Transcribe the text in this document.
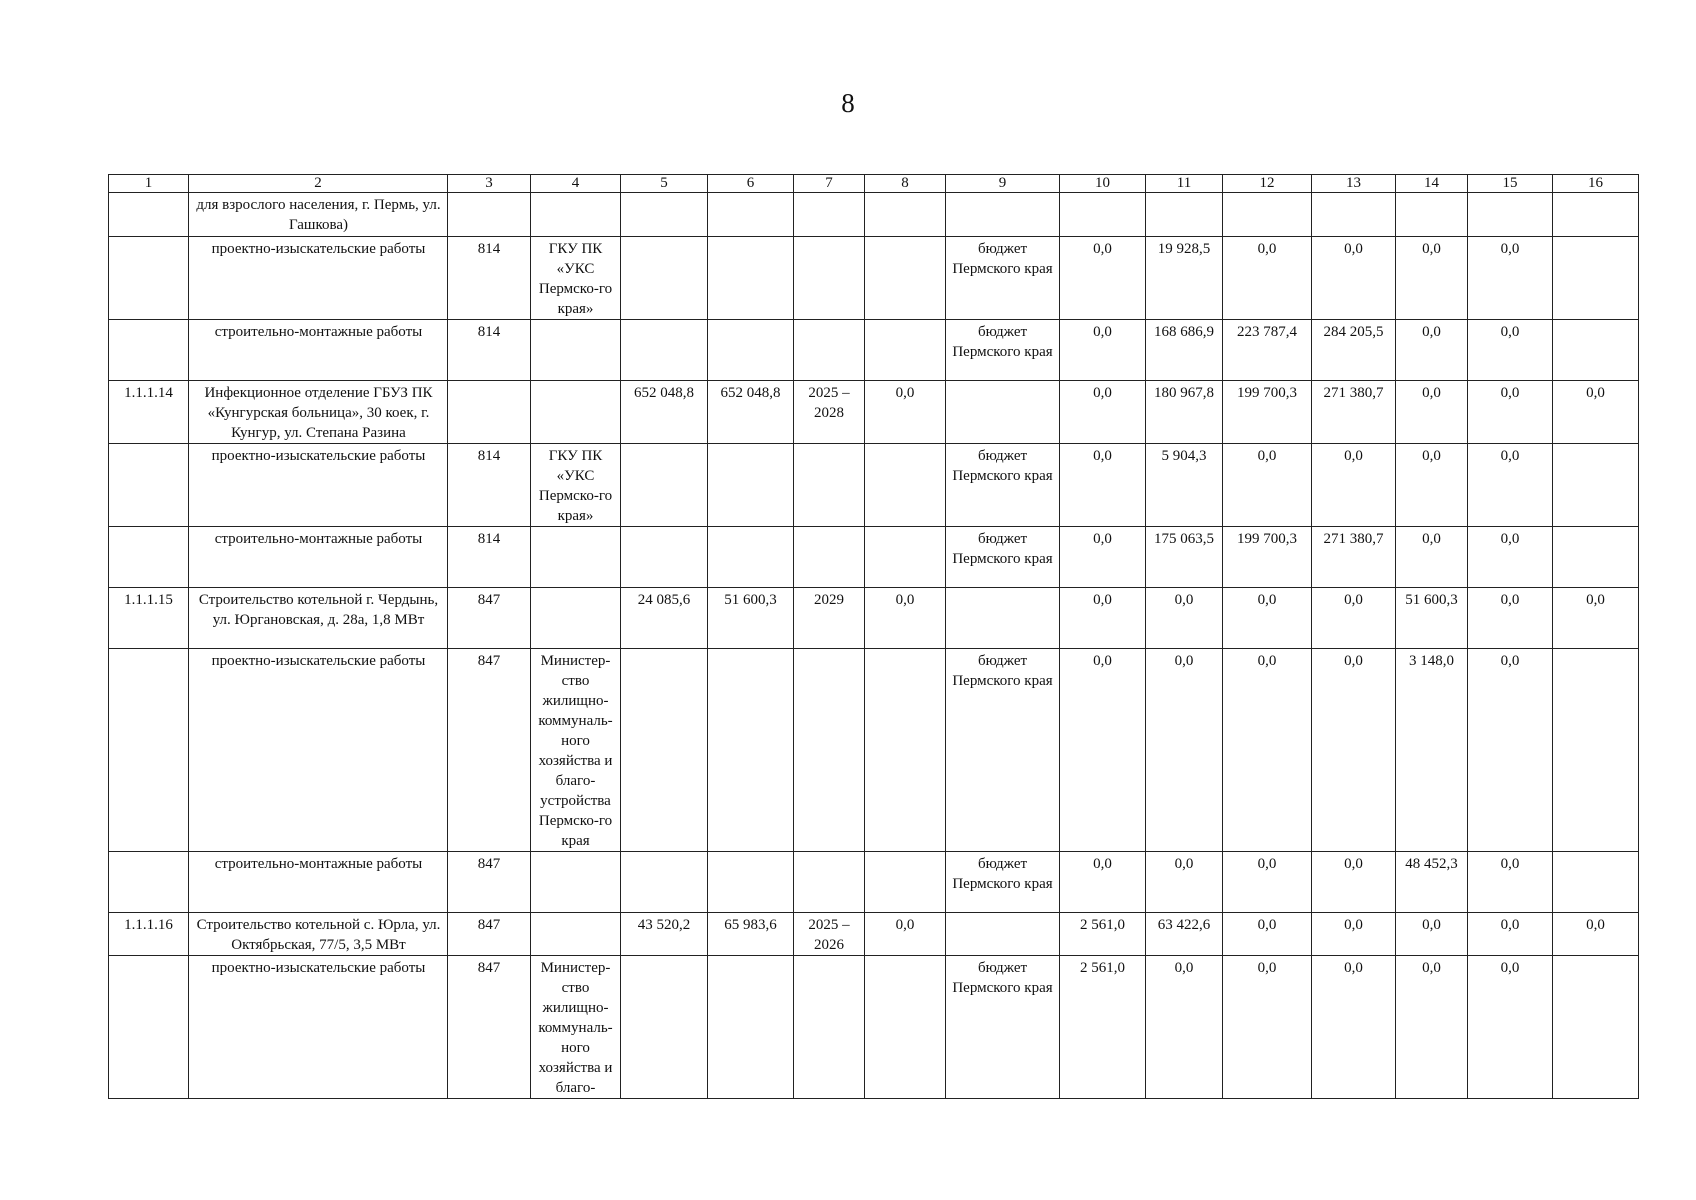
8
1	2	3	4	5	6	7	8	9	10	11	12	13	14	15	16
	для взрослого населения, г. Пермь, ул. Гашкова)														
	проектно-изыскательские работы	814	ГКУ ПК «УКС Пермско-го края»					бюджет Пермского края	0,0	19 928,5	0,0	0,0	0,0	0,0	
	строительно-монтажные работы	814						бюджет Пермского края	0,0	168 686,9	223 787,4	284 205,5	0,0	0,0	
1.1.1.14	Инфекционное отделение ГБУЗ ПК «Кунгурская больница», 30 коек, г. Кунгур, ул. Степана Разина			652 048,8	652 048,8	2025 – 2028	0,0		0,0	180 967,8	199 700,3	271 380,7	0,0	0,0	0,0
	проектно-изыскательские работы	814	ГКУ ПК «УКС Пермско-го края»					бюджет Пермского края	0,0	5 904,3	0,0	0,0	0,0	0,0	
	строительно-монтажные работы	814						бюджет Пермского края	0,0	175 063,5	199 700,3	271 380,7	0,0	0,0	
1.1.1.15	Строительство котельной г. Чердынь, ул. Юргановская, д. 28а, 1,8 МВт	847		24 085,6	51 600,3	2029	0,0		0,0	0,0	0,0	0,0	51 600,3	0,0	0,0
	проектно-изыскательские работы	847	Министер-ство жилищно-коммуналь-ного хозяйства и благо-устройства Пермско-го края					бюджет Пермского края	0,0	0,0	0,0	0,0	3 148,0	0,0	
	строительно-монтажные работы	847						бюджет Пермского края	0,0	0,0	0,0	0,0	48 452,3	0,0	
1.1.1.16	Строительство котельной с. Юрла, ул. Октябрьская, 77/5, 3,5 МВт	847		43 520,2	65 983,6	2025 – 2026	0,0		2 561,0	63 422,6	0,0	0,0	0,0	0,0	0,0
	проектно-изыскательские работы	847	Министер-ство жилищно-коммуналь-ного хозяйства и благо-					бюджет Пермского края	2 561,0	0,0	0,0	0,0	0,0	0,0	
